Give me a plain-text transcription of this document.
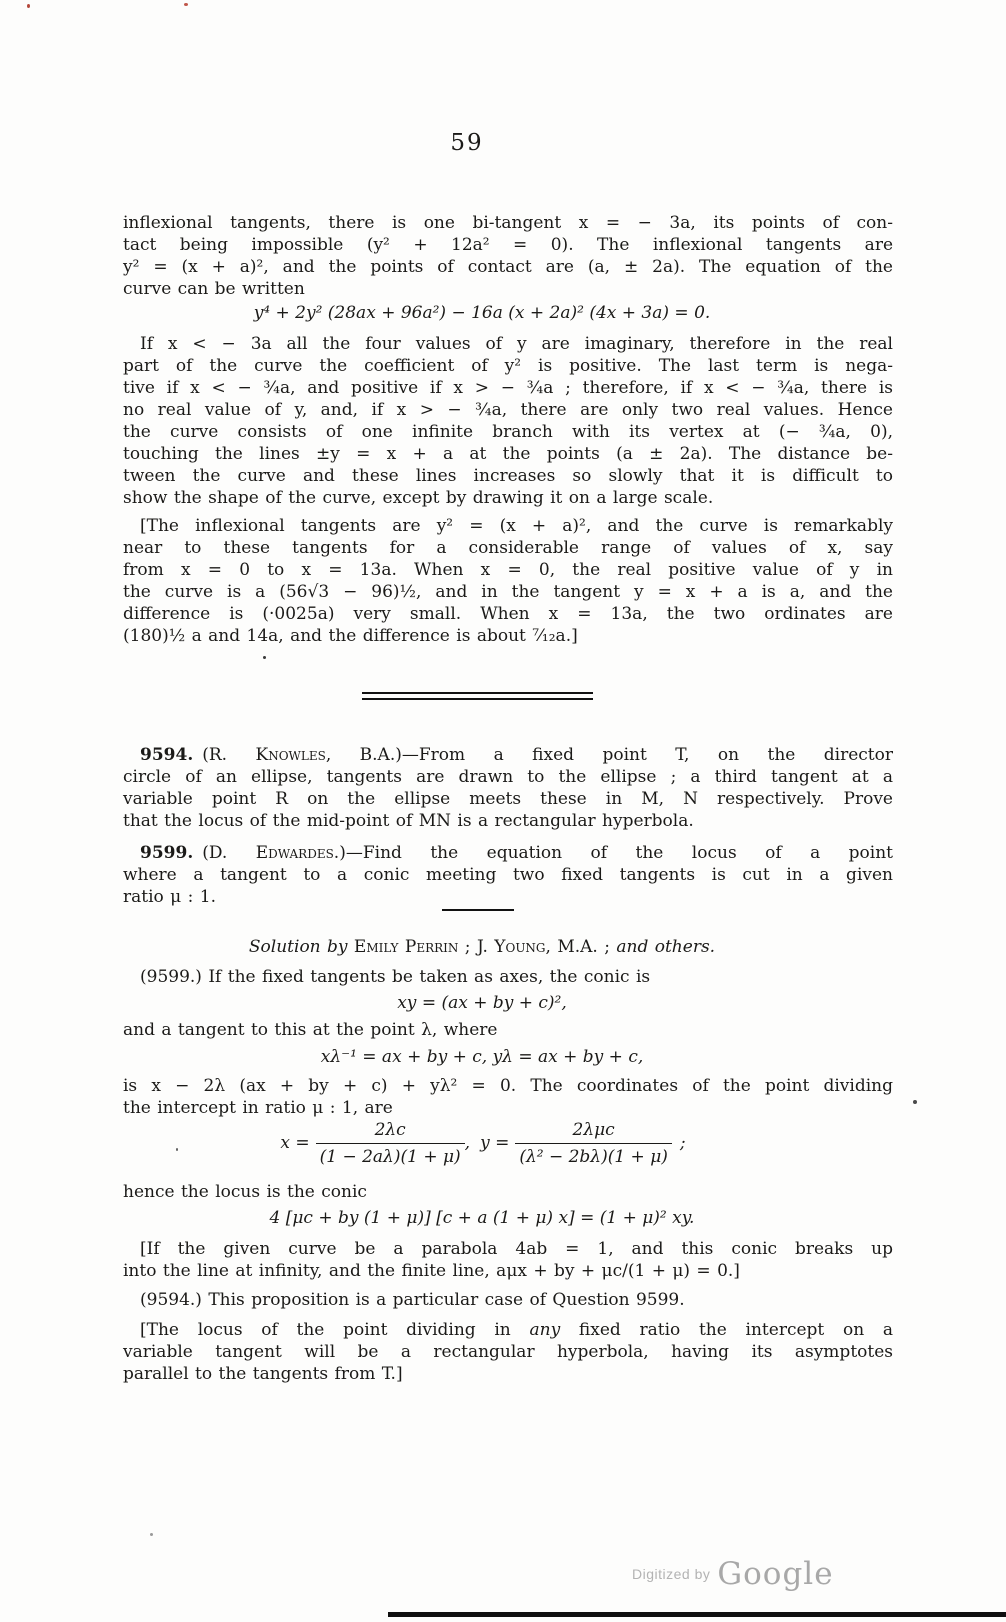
59
inflexional tangents, there is one bi-tangent x = − 3a, its points of con-
tact being impossible (y² + 12a² = 0). The inflexional tangents are
y² = (x + a)², and the points of contact are (a, ± 2a). The equation of the
curve can be written
y⁴ + 2y² (28ax + 96a²) − 16a (x + 2a)² (4x + 3a) = 0.
If x < − 3a all the four values of y are imaginary, therefore in the real
part of the curve the coefficient of y² is positive. The last term is nega-
tive if x < − ¾a, and positive if x > − ¾a ; therefore, if x < − ¾a, there is
no real value of y, and, if x > − ¾a, there are only two real values. Hence
the curve consists of one infinite branch with its vertex at (− ¾a, 0),
touching the lines ±y = x + a at the points (a ± 2a). The distance be-
tween the curve and these lines increases so slowly that it is difficult to
show the shape of the curve, except by drawing it on a large scale.
[The inflexional tangents are y² = (x + a)², and the curve is remarkably
near to these tangents for a considerable range of values of x, say
from x = 0 to x = 13a. When x = 0, the real positive value of y in
the curve is a (56√3 − 96)½, and in the tangent y = x + a is a, and the
difference is (·0025a) very small. When x = 13a, the two ordinates are
(180)½ a and 14a, and the difference is about ⁷⁄₁₂a.]
9594. (R. Knowles, B.A.)—From a fixed point T, on the director
circle of an ellipse, tangents are drawn to the ellipse ; a third tangent at a
variable point R on the ellipse meets these in M, N respectively. Prove
that the locus of the mid-point of MN is a rectangular hyperbola.
9599. (D. Edwardes.)—Find the equation of the locus of a point
where a tangent to a conic meeting two fixed tangents is cut in a given
ratio μ : 1.
Solution by Emily Perrin ; J. Young, M.A. ; and others.
(9599.) If the fixed tangents be taken as axes, the conic is
xy = (ax + by + c)²,
and a tangent to this at the point λ, where
xλ⁻¹ = ax + by + c, yλ = ax + by + c,
is x − 2λ (ax + by + c) + yλ² = 0. The coordinates of the point dividing
the intercept in ratio μ : 1, are
$x = \frac{2\lambda c}{(1 - 2a\lambda)(1 + \mu)}$ , $y = \frac{\text{2λμc}}{\text{(λ² − 2bλ)(1 + μ)}}$ ;
hence the locus is the conic
4 [μc + by (1 + μ)] [c + a (1 + μ) x] = (1 + μ)² xy.
[If the given curve be a parabola 4ab = 1, and this conic breaks up
into the line at infinity, and the finite line, aμx + by + μc/(1 + μ) = 0.]
(9594.) This proposition is a particular case of Question 9599.
[The locus of the point dividing in any fixed ratio the intercept on a
variable tangent will be a rectangular hyperbola, having its asymptotes
parallel to the tangents from T.]
Digitized by Google
